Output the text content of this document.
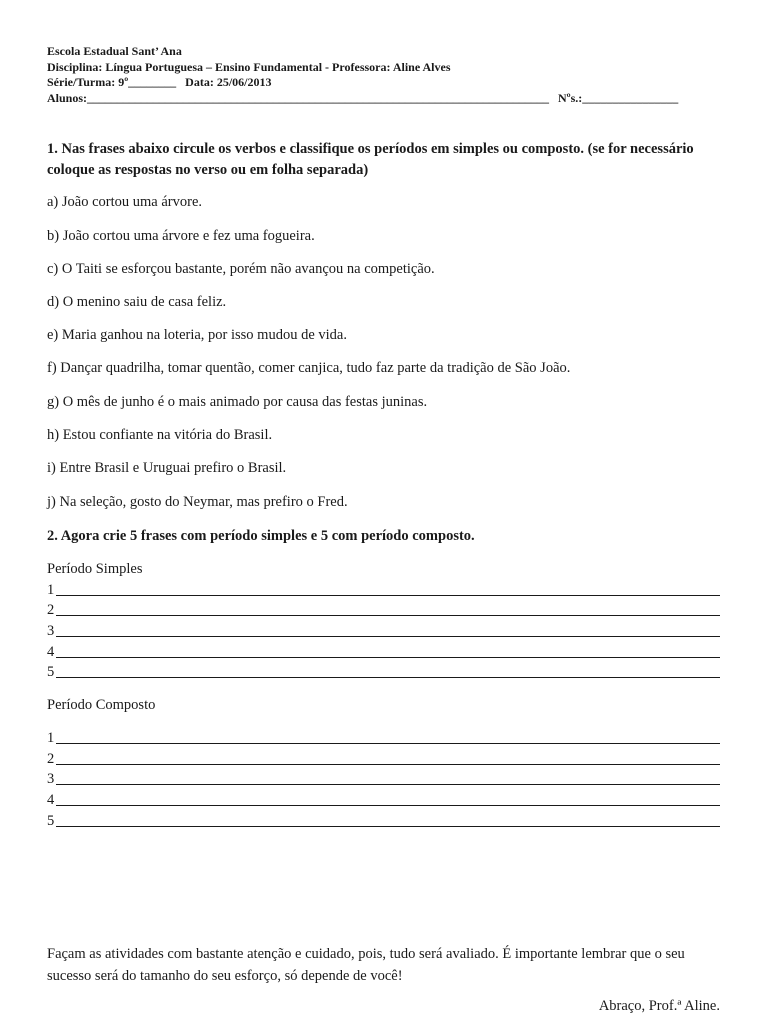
Escola Estadual Sant’ Ana
Disciplina: Língua Portuguesa – Ensino Fundamental - Professora: Aline Alves
Série/Turma: 9º________   Data: 25/06/2013
Alunos:_____________________________________________________________________________   Nºs.:________________
1. Nas frases abaixo circule os verbos e classifique os períodos em simples ou composto. (se for necessário coloque as respostas no verso ou em folha separada)
a) João cortou uma árvore.
b) João cortou uma árvore e fez uma fogueira.
c) O Taiti se esforçou bastante, porém não avançou na competição.
d) O menino saiu de casa feliz.
e) Maria ganhou na loteria, por isso mudou de vida.
f) Dançar quadrilha, tomar quentão, comer canjica, tudo faz parte da tradição de São João.
g) O mês de junho é o mais animado por causa das festas juninas.
h) Estou confiante na vitória do Brasil.
i) Entre Brasil e Uruguai prefiro o Brasil.
j) Na seleção, gosto do Neymar, mas prefiro o Fred.
2. Agora crie 5 frases com período simples e 5 com período composto.
Período Simples
1
2
3
4
5
Período Composto
1
2
3
4
5
Façam as atividades com bastante atenção e cuidado, pois, tudo será avaliado. É importante lembrar que o seu sucesso será do tamanho do seu esforço, só depende de você!
Abraço, Prof.ª Aline.
